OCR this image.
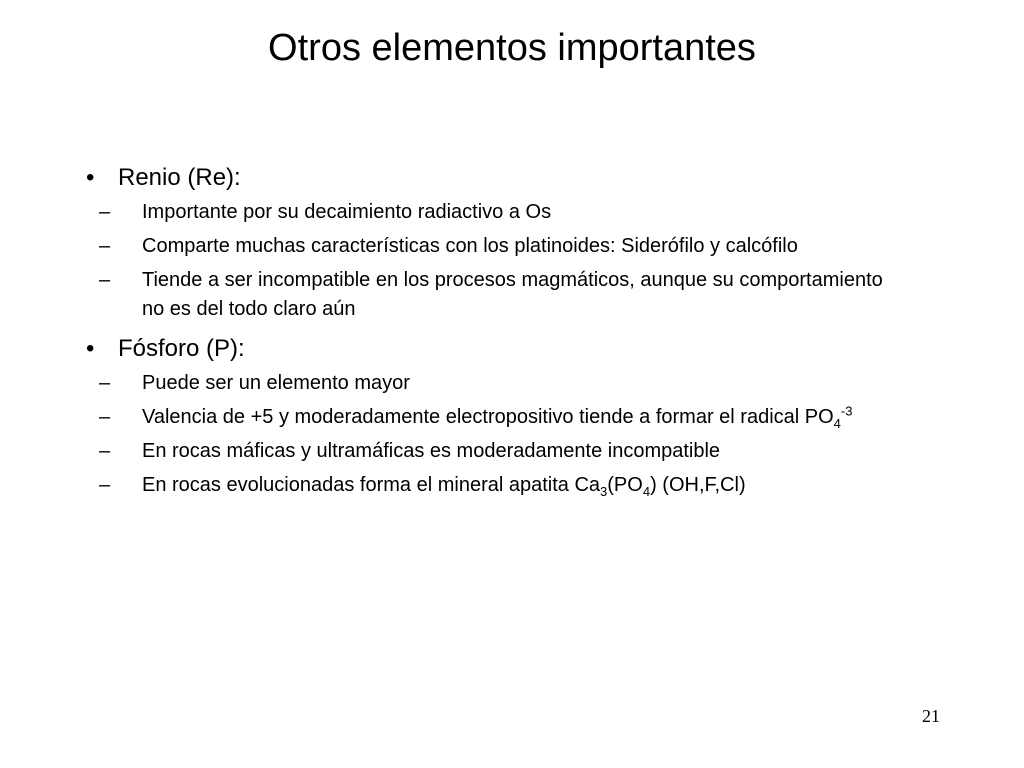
Otros elementos importantes
• Renio (Re):
– Importante por su decaimiento radiactivo a Os
– Comparte muchas características con los platinoides: Siderófilo y calcófilo
– Tiende a ser incompatible en los procesos magmáticos, aunque su comportamiento no es del todo claro aún
• Fósforo (P):
– Puede ser un elemento mayor
– Valencia de +5 y moderadamente electropositivo tiende a formar el radical $PO_4^{-3}$
– En rocas máficas y ultramáficas es moderadamente incompatible
– En rocas evolucionadas forma el mineral apatita $Ca_3(PO_4)$ (OH,F,Cl)
21
